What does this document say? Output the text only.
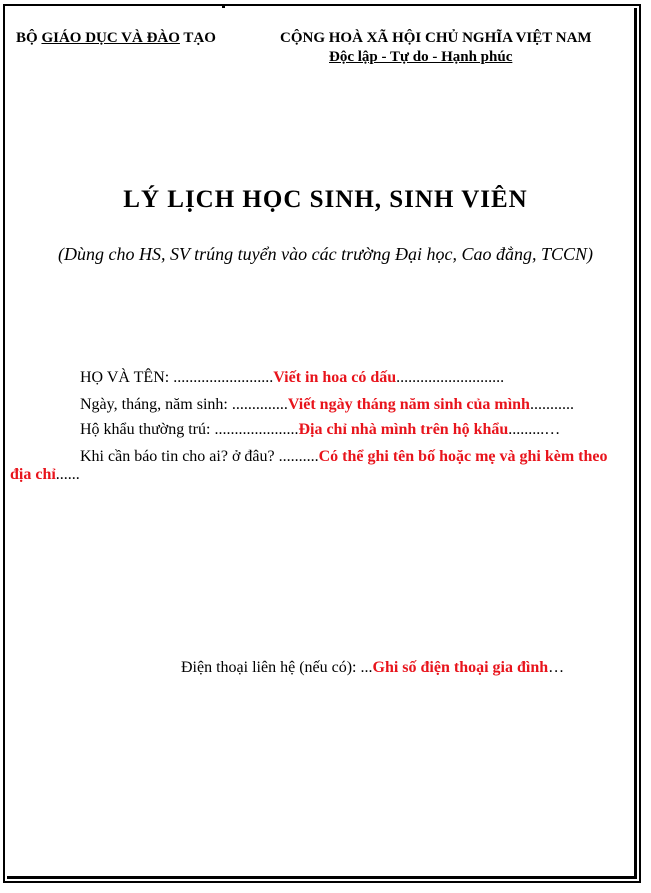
BỘ GIÁO DỤC VÀ ĐÀO TẠO	CỘNG HOÀ XÃ HỘI CHỦ NGHĨA VIỆT NAM
Độc lập - Tự do - Hạnh phúc
LÝ LỊCH HỌC SINH, SINH VIÊN
(Dùng cho HS, SV trúng tuyển vào các trường Đại học, Cao đẳng, TCCN)
HỌ VÀ TÊN: .........................Viết in hoa có dấu...........................
Ngày, tháng, năm sinh: ..............Viết ngày tháng năm sinh của mình...........
Hộ khẩu thường trú: .....................Địa chỉ nhà mình trên hộ khẩu.........…
Khi cần báo tin cho ai? ở đâu? ..........Có thể ghi tên bố hoặc mẹ và ghi kèm theo
địa chỉ......
Điện thoại liên hệ (nếu có): ...Ghi số điện thoại gia đình…
